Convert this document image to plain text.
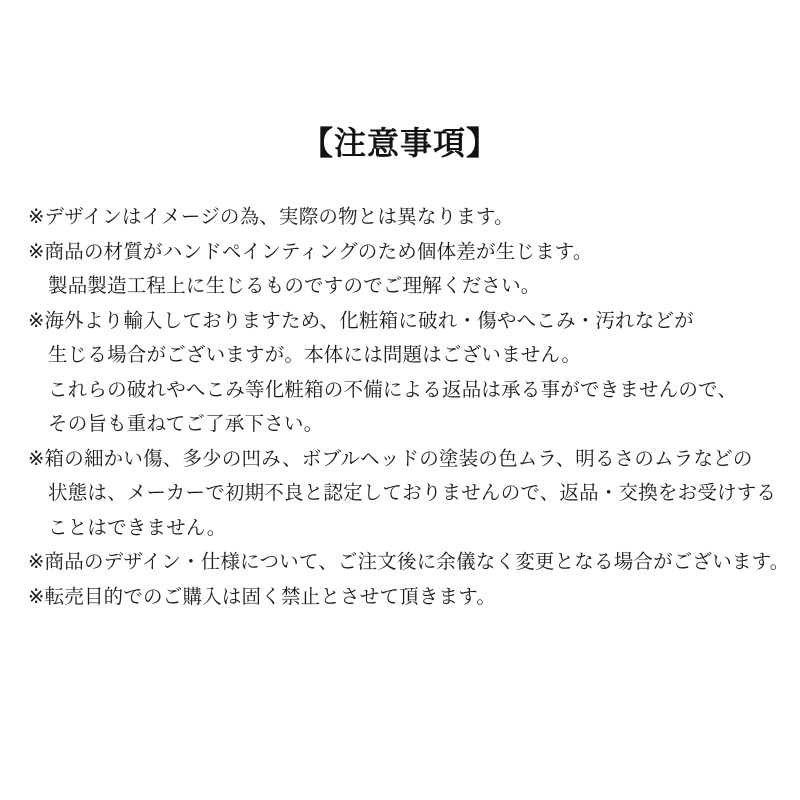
【注意事項】
※デザインはイメージの為、実際の物とは異なります。
※商品の材質がハンドペインティングのため個体差が生じます。
製品製造工程上に生じるものですのでご理解ください。
※海外より輸入しておりますため、化粧箱に破れ・傷やへこみ・汚れなどが
生じる場合がございますが。本体には問題はございません。
これらの破れやへこみ等化粧箱の不備による返品は承る事ができませんので、
その旨も重ねてご了承下さい。
※箱の細かい傷、多少の凹み、ボブルヘッドの塗装の色ムラ、明るさのムラなどの
状態は、メーカーで初期不良と認定しておりませんので、返品・交換をお受けする
ことはできません。
※商品のデザイン・仕様について、ご注文後に余儀なく変更となる場合がございます。
※転売目的でのご購入は固く禁止とさせて頂きます。
